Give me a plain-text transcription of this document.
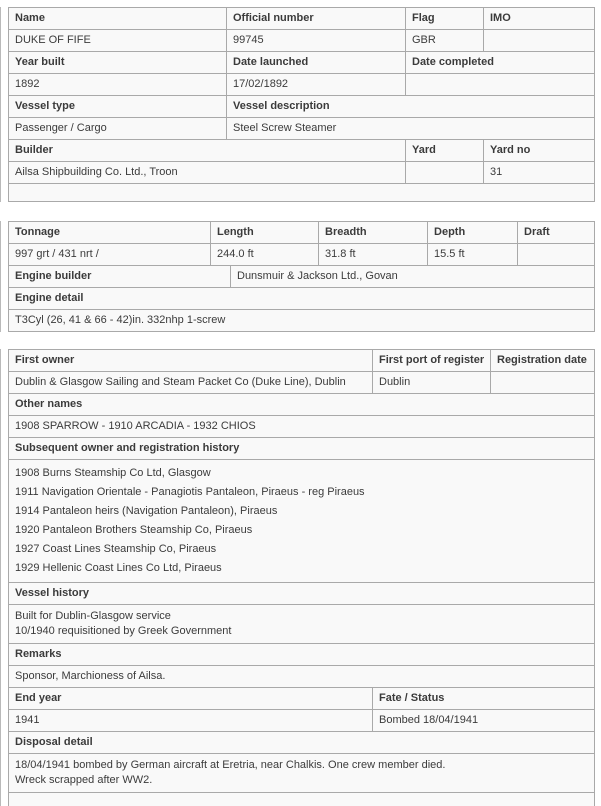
Name	Official number	Flag	IMO
DUKE OF FIFE	99745	GBR	
Year built	Date launched	Date completed	
1892	17/02/1892		
Vessel type	Vessel description		
Passenger / Cargo	Steel Screw Steamer		
Builder		Yard	Yard no
Ailsa Shipbuilding Co. Ltd., Troon			31

Tonnage	Length		Breadth	Depth	Draft
997 grt / 431 nrt /	244.0 ft		31.8 ft	15.5 ft	
Engine builder		Dunsmuir & Jackson Ltd., Govan			
Engine detail					
T3Cyl (26, 41 & 66 - 42)in. 332nhp 1-screw					
First owner	First port of register	Registration date
Dublin & Glasgow Sailing and Steam Packet Co (Duke Line), Dublin	Dublin	
Other names		
1908 SPARROW - 1910 ARCADIA - 1932 CHIOS		
Subsequent owner and registration history		

1908 Burns Steamship Co Ltd, Glasgow
1911 Navigation Orientale - Panagiotis Pantaleon, Piraeus - reg Piraeus
1914 Pantaleon heirs (Navigation Pantaleon), Piraeus
1920 Pantaleon Brothers Steamship Co, Piraeus
1927 Coast Lines Steamship Co, Piraeus
1929 Hellenic Coast Lines Co Ltd, Piraeus

Vessel history		

Built for Dublin-Glasgow service
10/1940 requisitioned by Greek Government		

Remarks		
Sponsor, Marchioness of Ailsa.		
End year	Fate / Status	
1941	Bombed 18/04/1941	
Disposal detail		

18/04/1941 bombed by German aircraft at Eretria, near Chalkis. One crew member died.
Wreck scrapped after WW2.		
